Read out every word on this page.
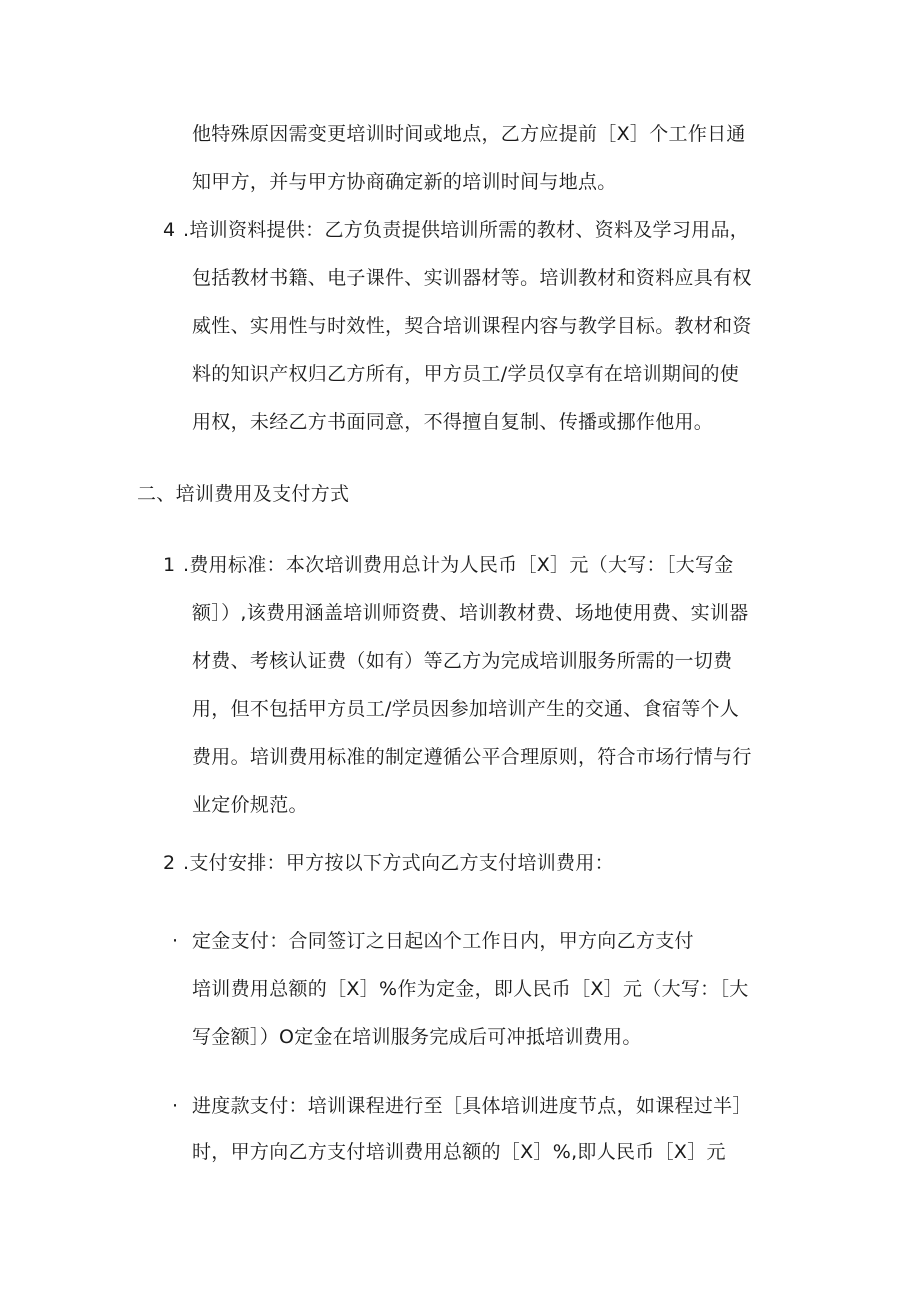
他特殊原因需变更培训时间或地点，乙方应提前［X］个工作日通
知甲方，并与甲方协商确定新的培训时间与地点。
4 .培训资料提供：乙方负责提供培训所需的教材、资料及学习用品，
包括教材书籍、电子课件、实训器材等。培训教材和资料应具有权
威性、实用性与时效性，契合培训课程内容与教学目标。教材和资
料的知识产权归乙方所有，甲方员工/学员仅享有在培训期间的使
用权，未经乙方书面同意，不得擅自复制、传播或挪作他用。
二、培训费用及支付方式
1 .费用标准：本次培训费用总计为人民币［X］元（大写：［大写金
额］）,该费用涵盖培训师资费、培训教材费、场地使用费、实训器
材费、考核认证费（如有）等乙方为完成培训服务所需的一切费
用，但不包括甲方员工/学员因参加培训产生的交通、食宿等个人
费用。培训费用标准的制定遵循公平合理原则，符合市场行情与行
业定价规范。
2 .支付安排：甲方按以下方式向乙方支付培训费用：
· 定金支付：合同签订之日起凶个工作日内，甲方向乙方支付
培训费用总额的［X］%作为定金，即人民币［X］元（大写：［大
写金额］）O定金在培训服务完成后可冲抵培训费用。
· 进度款支付：培训课程进行至［具体培训进度节点，如课程过半］
时，甲方向乙方支付培训费用总额的［X］%,即人民币［X］元
